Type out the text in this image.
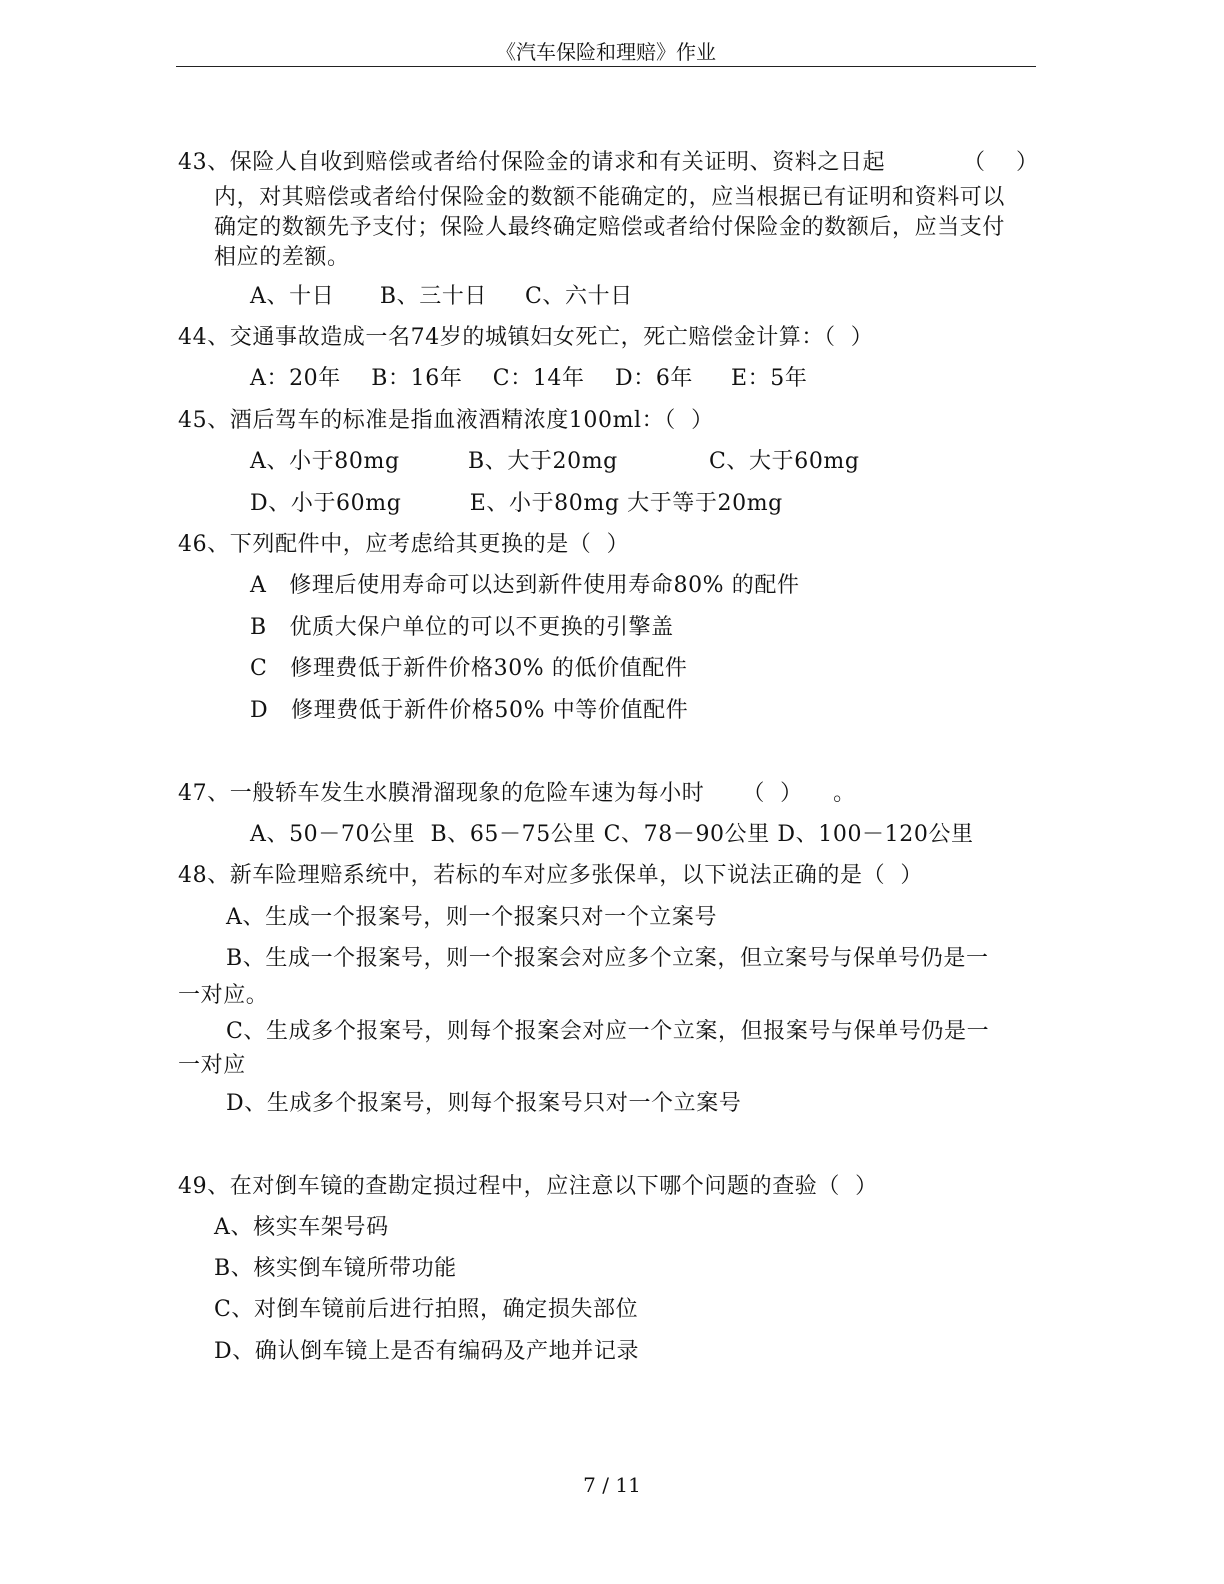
《汽车保险和理赔》作业
43、保险人自收到赔偿或者给付保险金的请求和有关证明、资料之日起	（    ）
内，对其赔偿或者给付保险金的数额不能确定的，应当根据已有证明和资料可以
确定的数额先予支付；保险人最终确定赔偿或者给付保险金的数额后，应当支付
相应的差额。
A、十日      B、三十日     C、六十日
44、交通事故造成一名74岁的城镇妇女死亡，死亡赔偿金计算：（  ）
A：20年    B：16年    C：14年    D：6年     E：5年
45、酒后驾车的标准是指血液酒精浓度100ml：（  ）
A、小于80mg         B、大于20mg            C、大于60mg
D、小于60mg         E、小于80mg 大于等于20mg
46、下列配件中，应考虑给其更换的是（  ）
A   修理后使用寿命可以达到新件使用寿命80% 的配件
B   优质大保户单位的可以不更换的引擎盖
C   修理费低于新件价格30% 的低价值配件
D   修理费低于新件价格50% 中等价值配件
47、一般轿车发生水膜滑溜现象的危险车速为每小时     （  ）    。
A、50－70公里  B、65－75公里 C、78－90公里 D、100－120公里
48、新车险理赔系统中，若标的车对应多张保单，以下说法正确的是（  ）
A、生成一个报案号，则一个报案只对一个立案号
B、生成一个报案号，则一个报案会对应多个立案，但立案号与保单号仍是一
一对应。
C、生成多个报案号，则每个报案会对应一个立案，但报案号与保单号仍是一
一对应
D、生成多个报案号，则每个报案号只对一个立案号
49、在对倒车镜的查勘定损过程中，应注意以下哪个问题的查验（  ）
A、核实车架号码
B、核实倒车镜所带功能
C、对倒车镜前后进行拍照，确定损失部位
D、确认倒车镜上是否有编码及产地并记录
7 / 11
